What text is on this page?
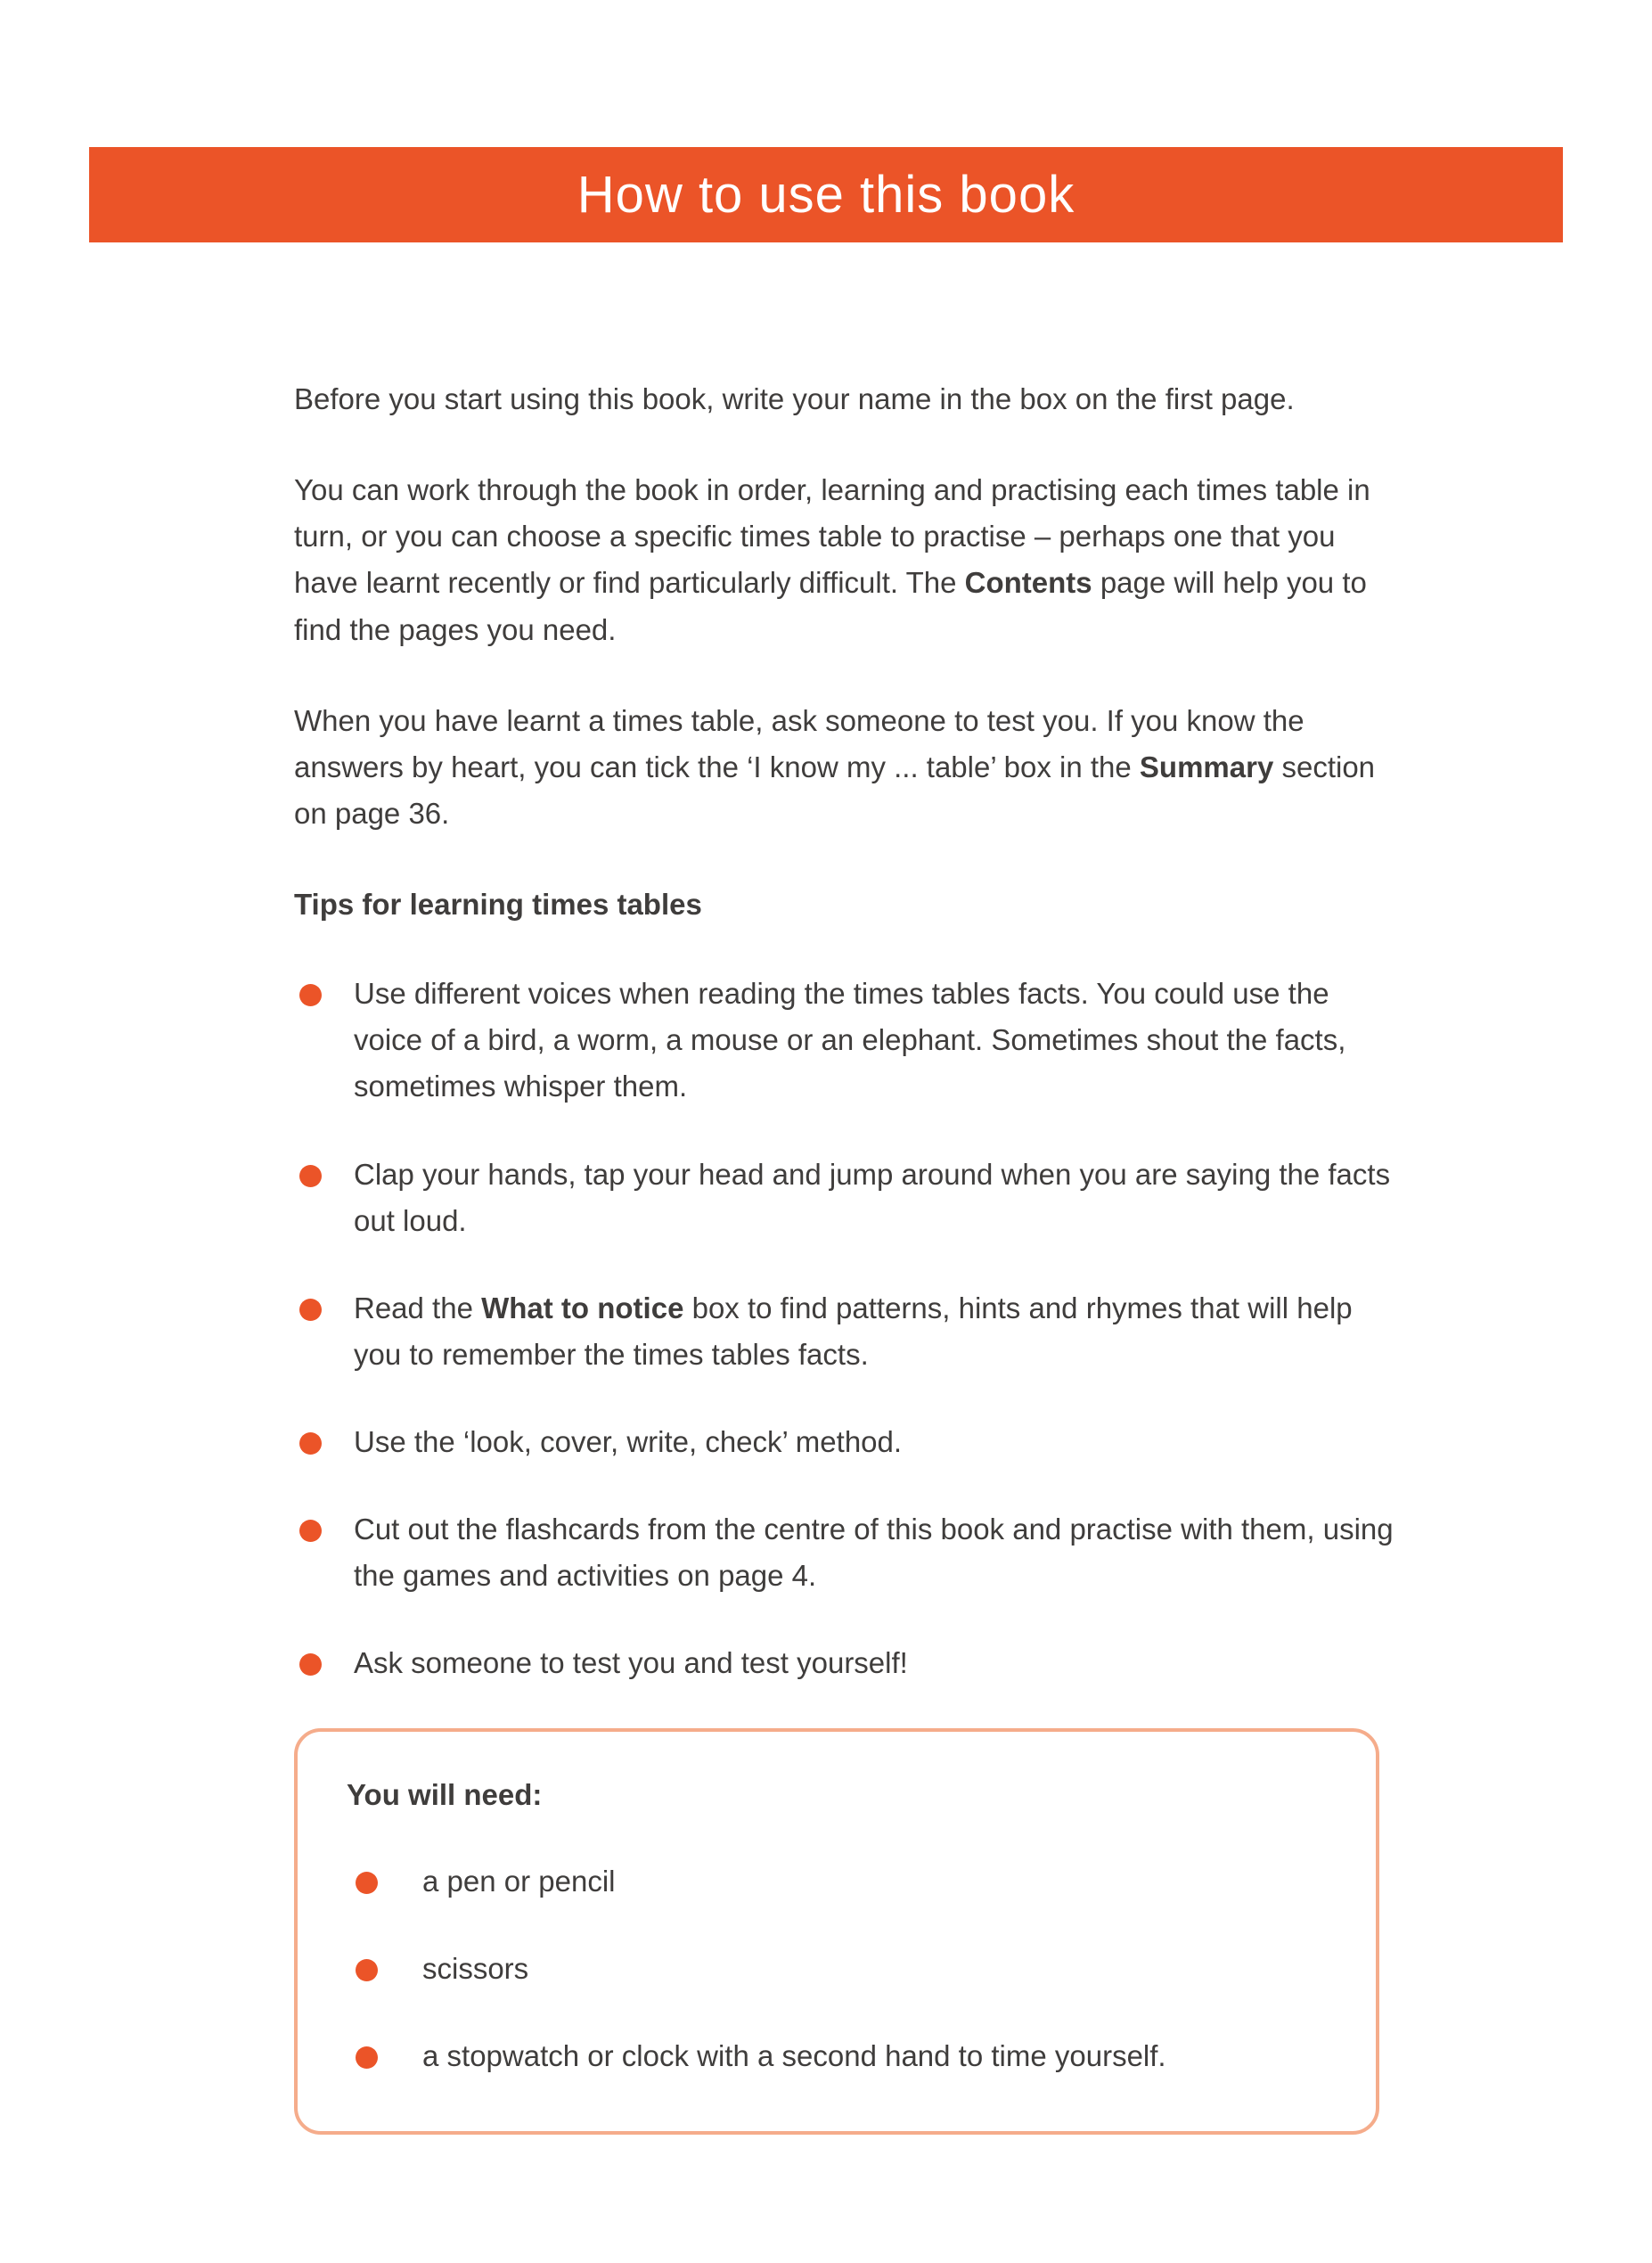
How to use this book

Before you start using this book, write your name in the box on the first page.

You can work through the book in order, learning and practising each times table in turn, or you can choose a specific times table to practise – perhaps one that you have learnt recently or find particularly difficult. The Contents page will help you to find the pages you need.

When you have learnt a times table, ask someone to test you. If you know the answers by heart, you can tick the ‘I know my ... table’ box in the Summary section on page 36.

Tips for learning times tables
Use different voices when reading the times tables facts. You could use the voice of a bird, a worm, a mouse or an elephant. Sometimes shout the facts, sometimes whisper them.
Clap your hands, tap your head and jump around when you are saying the facts out loud.
Read the What to notice box to find patterns, hints and rhymes that will help you to remember the times tables facts.
Use the ‘look, cover, write, check’ method.
Cut out the flashcards from the centre of this book and practise with them, using the games and activities on page 4.
Ask someone to test you and test yourself!
You will need:
a pen or pencil
scissors
a stopwatch or clock with a second hand to time yourself.
